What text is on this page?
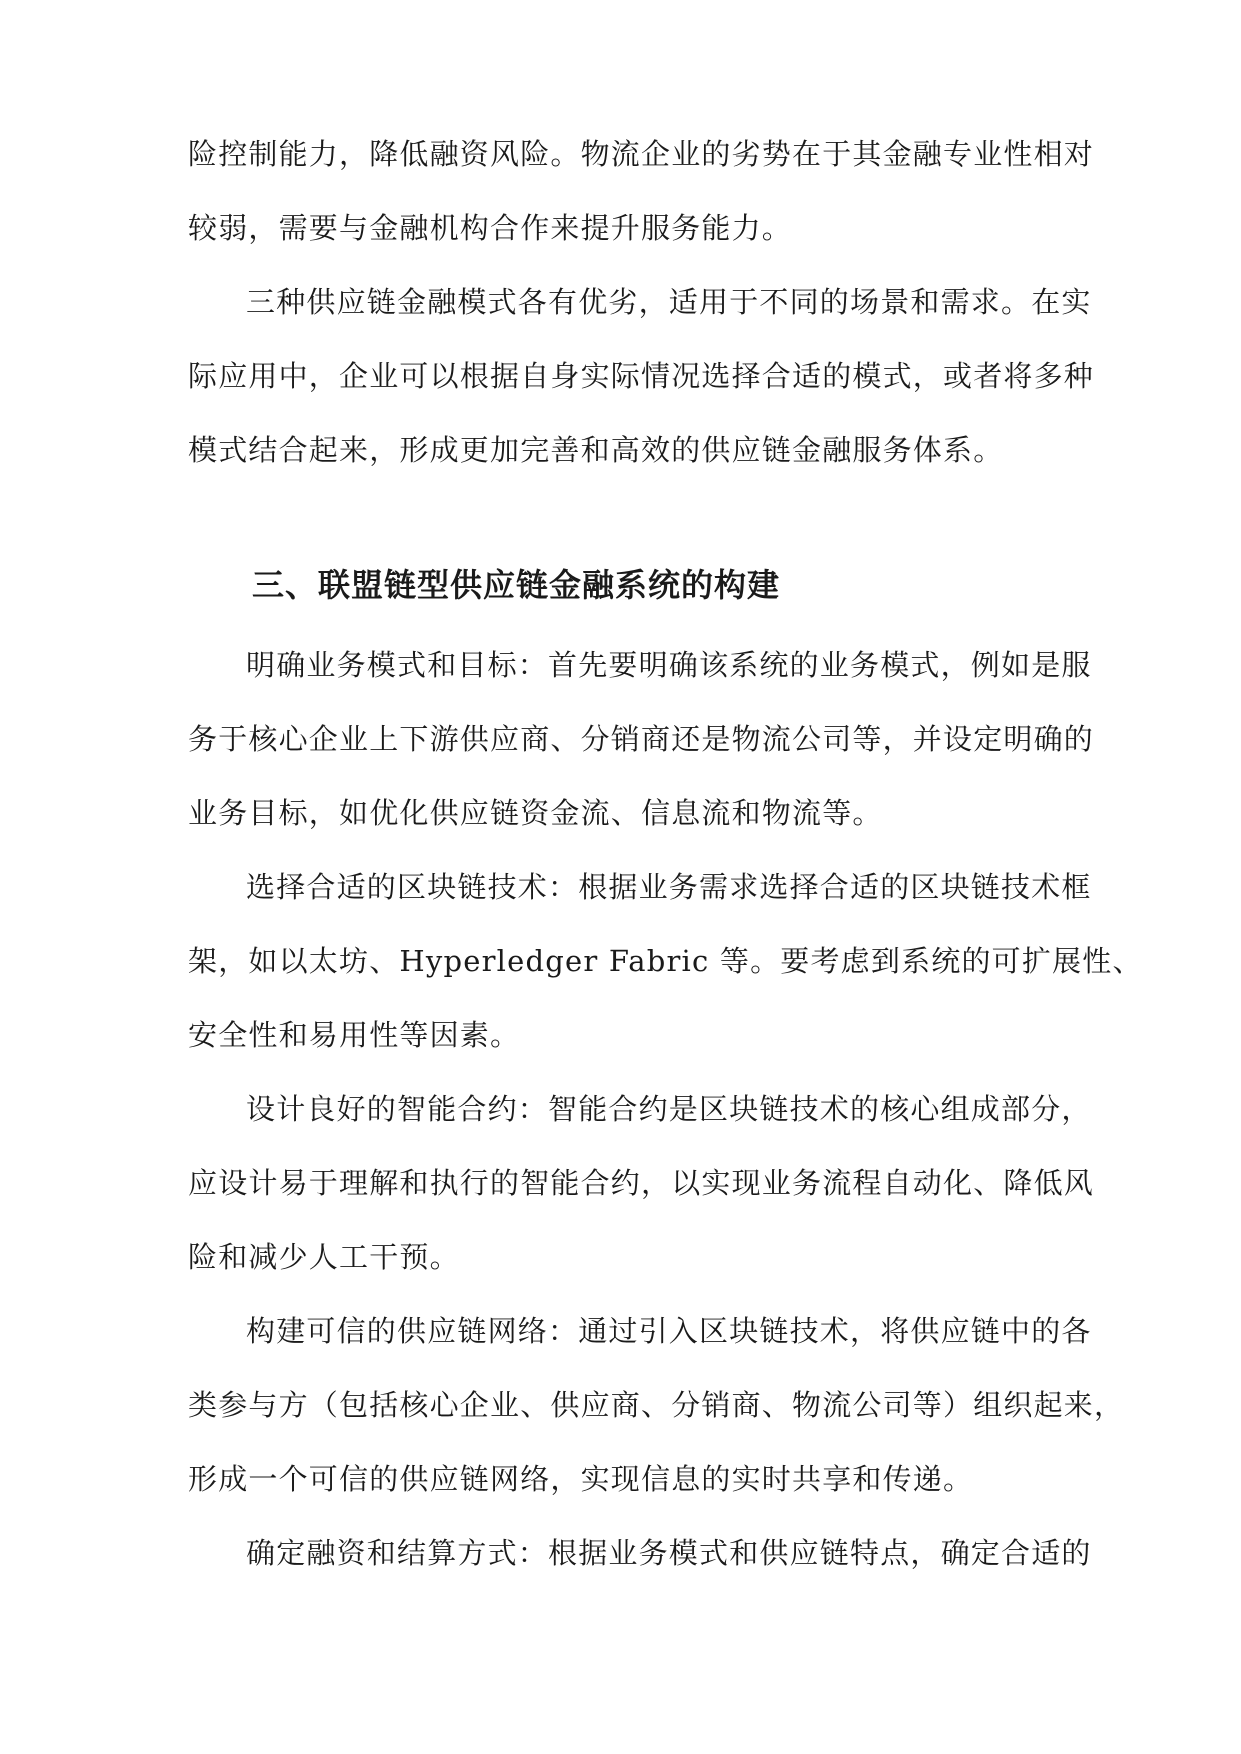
险控制能力，降低融资风险。物流企业的劣势在于其金融专业性相对
较弱，需要与金融机构合作来提升服务能力。
三种供应链金融模式各有优劣，适用于不同的场景和需求。在实
际应用中，企业可以根据自身实际情况选择合适的模式，或者将多种
模式结合起来，形成更加完善和高效的供应链金融服务体系。
三、联盟链型供应链金融系统的构建
明确业务模式和目标：首先要明确该系统的业务模式，例如是服
务于核心企业上下游供应商、分销商还是物流公司等，并设定明确的
业务目标，如优化供应链资金流、信息流和物流等。
选择合适的区块链技术：根据业务需求选择合适的区块链技术框
架，如以太坊、Hyperledger Fabric 等。要考虑到系统的可扩展性、
安全性和易用性等因素。
设计良好的智能合约：智能合约是区块链技术的核心组成部分，
应设计易于理解和执行的智能合约，以实现业务流程自动化、降低风
险和减少人工干预。
构建可信的供应链网络：通过引入区块链技术，将供应链中的各
类参与方（包括核心企业、供应商、分销商、物流公司等）组织起来，
形成一个可信的供应链网络，实现信息的实时共享和传递。
确定融资和结算方式：根据业务模式和供应链特点，确定合适的
